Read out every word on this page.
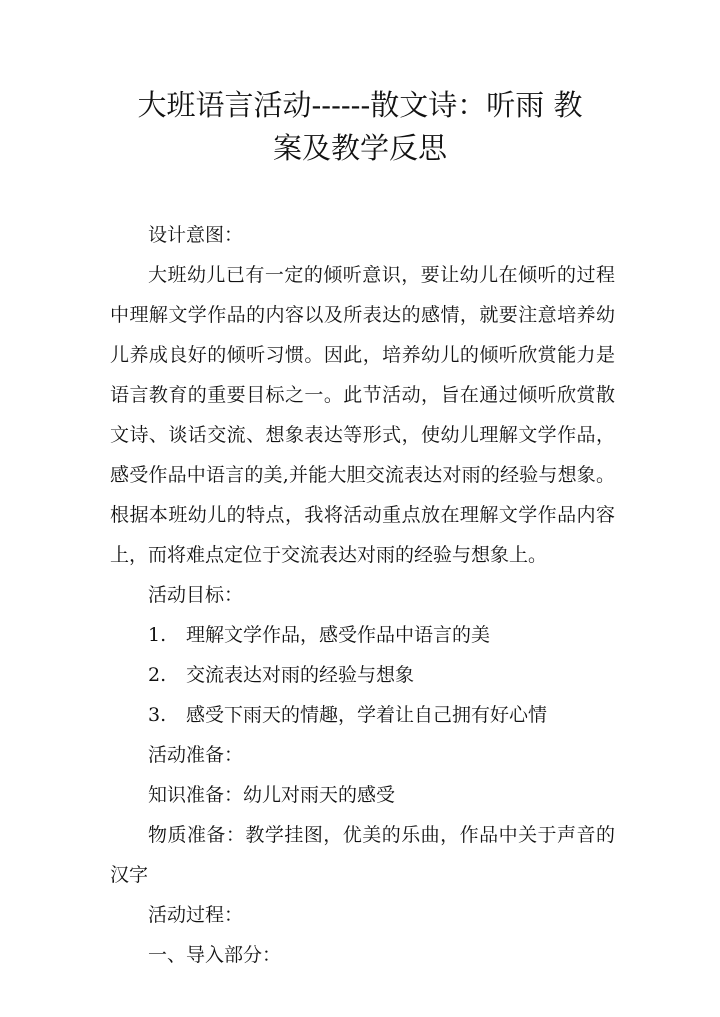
大班语言活动------散文诗：听雨 教
案及教学反思

设计意图：

大班幼儿已有一定的倾听意识，要让幼儿在倾听的过程中理解文学作品的内容以及所表达的感情，就要注意培养幼儿养成良好的倾听习惯。因此，培养幼儿的倾听欣赏能力是语言教育的重要目标之一。此节活动，旨在通过倾听欣赏散文诗、谈话交流、想象表达等形式，使幼儿理解文学作品，感受作品中语言的美,并能大胆交流表达对雨的经验与想象。根据本班幼儿的特点，我将活动重点放在理解文学作品内容上，而将难点定位于交流表达对雨的经验与想象上。

活动目标：

1. 理解文学作品，感受作品中语言的美

2. 交流表达对雨的经验与想象

3. 感受下雨天的情趣，学着让自己拥有好心情

活动准备：

知识准备：幼儿对雨天的感受

物质准备：教学挂图，优美的乐曲，作品中关于声音的汉字

活动过程：

一、导入部分：
